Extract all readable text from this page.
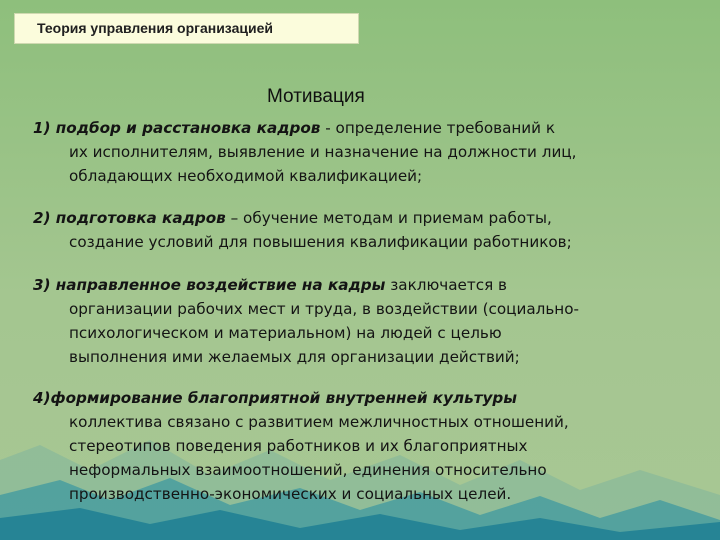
Теория управления организацией
Мотивация
1) подбор и расстановка кадров - определение требований к
их исполнителям, выявление и назначение на должности лиц,
обладающих необходимой квалификацией;
2) подготовка кадров – обучение методам и приемам работы,
создание условий для повышения квалификации работников;
3) направленное воздействие на кадры заключается в
организации рабочих мест и труда, в воздействии (социально-
психологическом и материальном) на людей с целью
выполнения ими желаемых для организации действий;
4)формирование благоприятной внутренней культуры
коллектива связано с развитием межличностных отношений,
стереотипов поведения работников и их благоприятных
неформальных взаимоотношений, единения относительно
производственно-экономических и социальных целей.
